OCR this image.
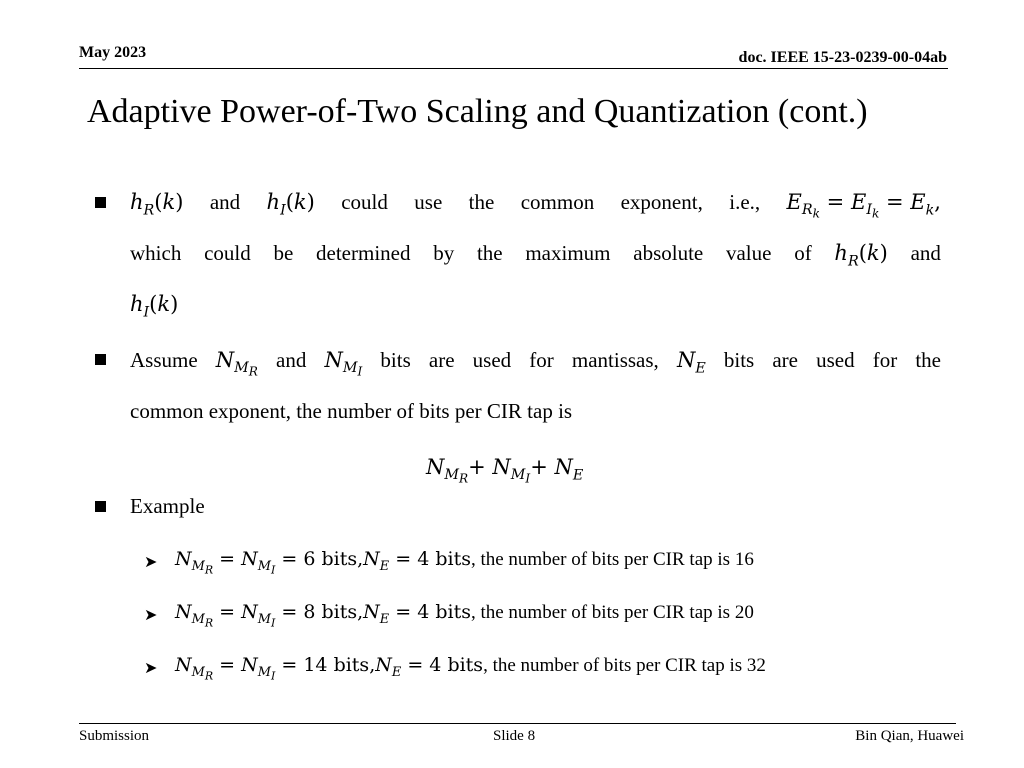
May 2023	doc. IEEE 15-23-0239-00-04ab
Adaptive Power-of-Two Scaling and Quantization (cont.)
$h_R(k)$ and $h_I(k)$ could use the common exponent, i.e., $E_{R_k} = E_{I_k} = E_k$,
which could be determined by the maximum absolute value of $h_R(k)$ and
$h_I(k)$
Assume $N_{M_R}$
and $N_{M_I}$
bits are used for mantissas, $N_E$ bits are used for the
common exponent, the number of bits per CIR tap is
$N_{M_R}+ N_{M_I}+ N_E$
Example
➤ $N_{M_R} = N_{M_I} = 6$ $bits,N_E = 4$ bits, the number of bits per CIR tap is 16
➤ $N_{M_R} = N_{M_I} = 8$ $bits,N_E = 4$ bits, the number of bits per CIR tap is 20
➤ $N_{M_R} = N_{M_I} = 14$ $bits,N_E = 4$ bits, the number of bits per CIR tap is 32
Submission	Slide 8	Bin Qian, Huawei
